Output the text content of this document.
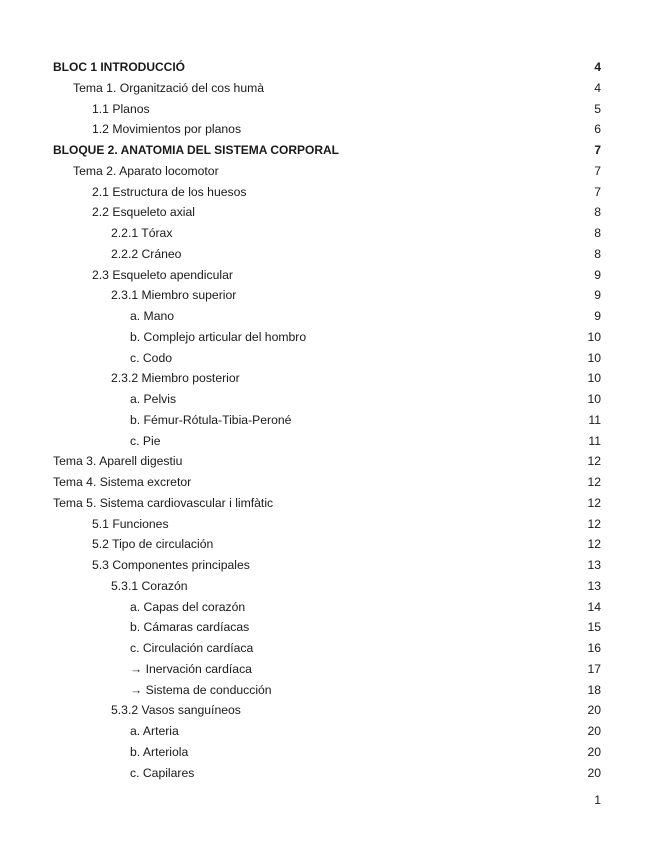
BLOC 1 INTRODUCCIÓ	4
Tema 1. Organització del cos humà	4
1.1 Planos	5
1.2 Movimientos por planos	6
BLOQUE 2. ANATOMIA DEL SISTEMA CORPORAL	7
Tema 2. Aparato locomotor	7
2.1 Estructura de los huesos	7
2.2 Esqueleto axial	8
2.2.1 Tórax	8
2.2.2 Cráneo	8
2.3 Esqueleto apendicular	9
2.3.1 Miembro superior	9
a. Mano	9
b. Complejo articular del hombro	10
c. Codo	10
2.3.2 Miembro posterior	10
a. Pelvis	10
b. Fémur-Rótula-Tibia-Peroné	11
c. Pie	11
Tema 3. Aparell digestiu	12
Tema 4. Sistema excretor	12
Tema 5. Sistema cardiovascular i limfàtic	12
5.1 Funciones	12
5.2 Tipo de circulación	12
5.3 Componentes principales	13
5.3.1 Corazón	13
a. Capas del corazón	14
b. Cámaras cardíacas	15
c. Circulación cardíaca	16
→ Inervación cardíaca	17
→ Sistema de conducción	18
5.3.2 Vasos sanguíneos	20
a. Arteria	20
b. Arteriola	20
c. Capilares	20
1
